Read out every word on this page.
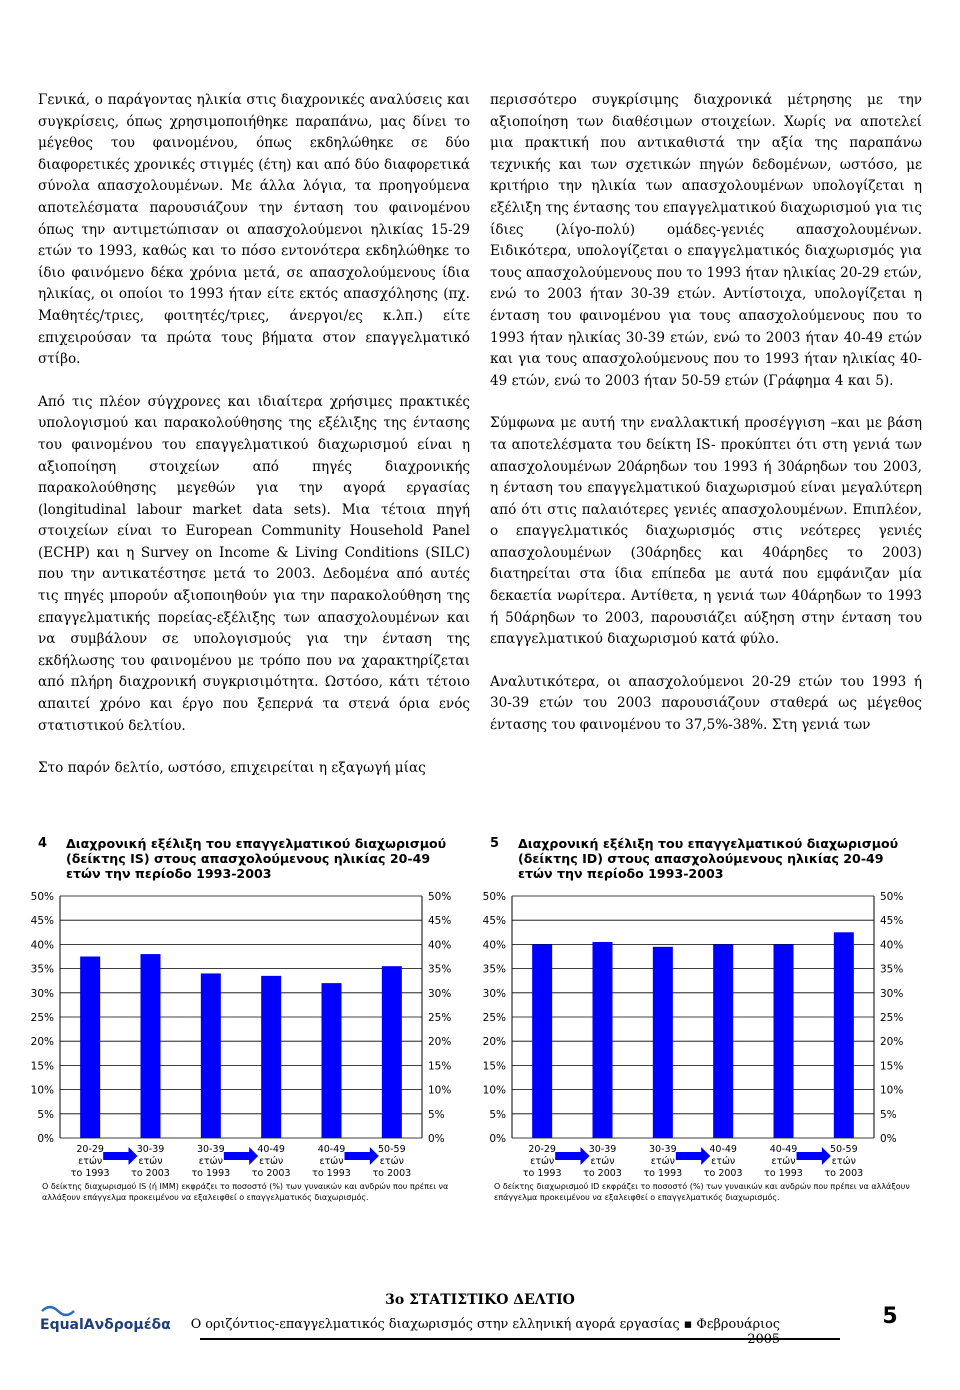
Γενικά, ο παράγοντας ηλικία στις διαχρονικές αναλύσεις και συγκρίσεις, όπως χρησιμοποιήθηκε παραπάνω, μας δίνει το μέγεθος του φαινομένου, όπως εκδηλώθηκε σε δύο διαφορετικές χρονικές στιγμές (έτη) και από δύο διαφορετικά σύνολα απασχολουμένων. Με άλλα λόγια, τα προηγούμενα αποτελέσματα παρουσιάζουν την ένταση του φαινομένου όπως την αντιμετώπισαν οι απασχολούμενοι ηλικίας 15-29 ετών το 1993, καθώς και το πόσο εντονότερα εκδηλώθηκε το ίδιο φαινόμενο δέκα χρόνια μετά, σε απασχολούμενους ίδια ηλικίας, οι οποίοι το 1993 ήταν είτε εκτός απασχόλησης (πχ. Μαθητές/τριες, φοιτητές/τριες, άνεργοι/ες κ.λπ.) είτε επιχειρούσαν τα πρώτα τους βήματα στον επαγγελματικό στίβο.

Από τις πλέον σύγχρονες και ιδιαίτερα χρήσιμες πρακτικές υπολογισμού και παρακολούθησης της εξέλιξης της έντασης του φαινομένου του επαγγελματικού διαχωρισμού είναι η αξιοποίηση στοιχείων από πηγές διαχρονικής παρακολούθησης μεγεθών για την αγορά εργασίας (longitudinal labour market data sets). Μια τέτοια πηγή στοιχείων είναι το European Community Household Panel (ECHP) και η Survey on Income & Living Conditions (SILC) που την αντικατέστησε μετά το 2003. Δεδομένα από αυτές τις πηγές μπορούν αξιοποιηθούν για την παρακολούθηση της επαγγελματικής πορείας-εξέλιξης των απασχολουμένων και να συμβάλουν σε υπολογισμούς για την ένταση της εκδήλωσης του φαινομένου με τρόπο που να χαρακτηρίζεται από πλήρη διαχρονική συγκρισιμότητα. Ωστόσο, κάτι τέτοιο απαιτεί χρόνο και έργο που ξεπερνά τα στενά όρια ενός στατιστικού δελτίου.

Στο παρόν δελτίο, ωστόσο, επιχειρείται η εξαγωγή μίας

περισσότερο συγκρίσιμης διαχρονικά μέτρησης με την αξιοποίηση των διαθέσιμων στοιχείων. Χωρίς να αποτελεί μια πρακτική που αντικαθιστά την αξία της παραπάνω τεχνικής και των σχετικών πηγών δεδομένων, ωστόσο, με κριτήριο την ηλικία των απασχολουμένων υπολογίζεται η εξέλιξη της έντασης του επαγγελματικού διαχωρισμού για τις ίδιες (λίγο-πολύ) ομάδες-γενιές απασχολουμένων. Ειδικότερα, υπολογίζεται ο επαγγελματικός διαχωρισμός για τους απασχολούμενους που το 1993 ήταν ηλικίας 20-29 ετών, ενώ το 2003 ήταν 30-39 ετών. Αντίστοιχα, υπολογίζεται η ένταση του φαινομένου για τους απασχολούμενους που το 1993 ήταν ηλικίας 30-39 ετών, ενώ το 2003 ήταν 40-49 ετών και για τους απασχολούμενους που το 1993 ήταν ηλικίας 40-49 ετών, ενώ το 2003 ήταν 50-59 ετών (Γράφημα 4 και 5).

Σύμφωνα με αυτή την εναλλακτική προσέγγιση –και με βάση τα αποτελέσματα του δείκτη IS- προκύπτει ότι στη γενιά των απασχολουμένων 20άρηδων του 1993 ή 30άρηδων του 2003, η ένταση του επαγγελματικού διαχωρισμού είναι μεγαλύτερη από ότι στις παλαιότερες γενιές απασχολουμένων. Επιπλέον, ο επαγγελματικός διαχωρισμός στις νεότερες γενιές απασχολουμένων (30άρηδες και 40άρηδες το 2003) διατηρείται στα ίδια επίπεδα με αυτά που εμφάνιζαν μία δεκαετία νωρίτερα. Αντίθετα, η γενιά των 40άρηδων το 1993 ή 50άρηδων το 2003, παρουσιάζει αύξηση στην ένταση του επαγγελματικού διαχωρισμού κατά φύλο.

Αναλυτικότερα, οι απασχολούμενοι 20-29 ετών του 1993 ή 30-39 ετών του 2003 παρουσιάζουν σταθερά ως μέγεθος έντασης του φαινομένου το 37,5%-38%. Στη γενιά των

4 Διαχρονική εξέλιξη του επαγγελματικού διαχωρισμού (δείκτης IS) στους απασχολούμενους ηλικίας 20-49 ετών την περίοδο 1993-2003
0%	0%
5%	5%
10%	10%
15%	15%
20%	20%
25%	25%
30%	30%
35%	35%
40%	40%
45%	45%
50%	50%
20-29
ετών
το 1993
30-39
ετών
το 2003
30-39
ετών
το 1993
40-49
ετών
το 2003
40-49
ετών
το 1993
50-59
ετών
το 2003
Ο δείκτης διαχωρισμού IS (ή IMM) εκφράζει το ποσοστό (%) των γυναικών και ανδρών που πρέπει να αλλάξουν επάγγελμα προκειμένου να εξαλειφθεί ο επαγγελματικός διαχωρισμός.
5 Διαχρονική εξέλιξη του επαγγελματικού διαχωρισμού (δείκτης ID) στους απασχολούμενους ηλικίας 20-49 ετών την περίοδο 1993-2003
0%	0%
5%	5%
10%	10%
15%	15%
20%	20%
25%	25%
30%	30%
35%	35%
40%	40%
45%	45%
50%	50%
20-29
ετών
το 1993
30-39
ετών
το 2003
30-39
ετών
το 1993
40-49
ετών
το 2003
40-49
ετών
το 1993
50-59
ετών
το 2003
Ο δείκτης διαχωρισμού ID εκφράζει το ποσοστό (%) των γυναικών και ανδρών που πρέπει να αλλάξουν επάγγελμα προκειμένου να εξαλειφθεί ο επαγγελματικός διαχωρισμός.
EqualΑνδρομέδα
3ο ΣΤΑΤΙΣΤΙΚΟ ΔΕΛΤΙΟ
Ο οριζόντιος-επαγγελματικός διαχωρισμός στην ελληνική αγορά εργασίας ▪ Φεβρουάριος	5
